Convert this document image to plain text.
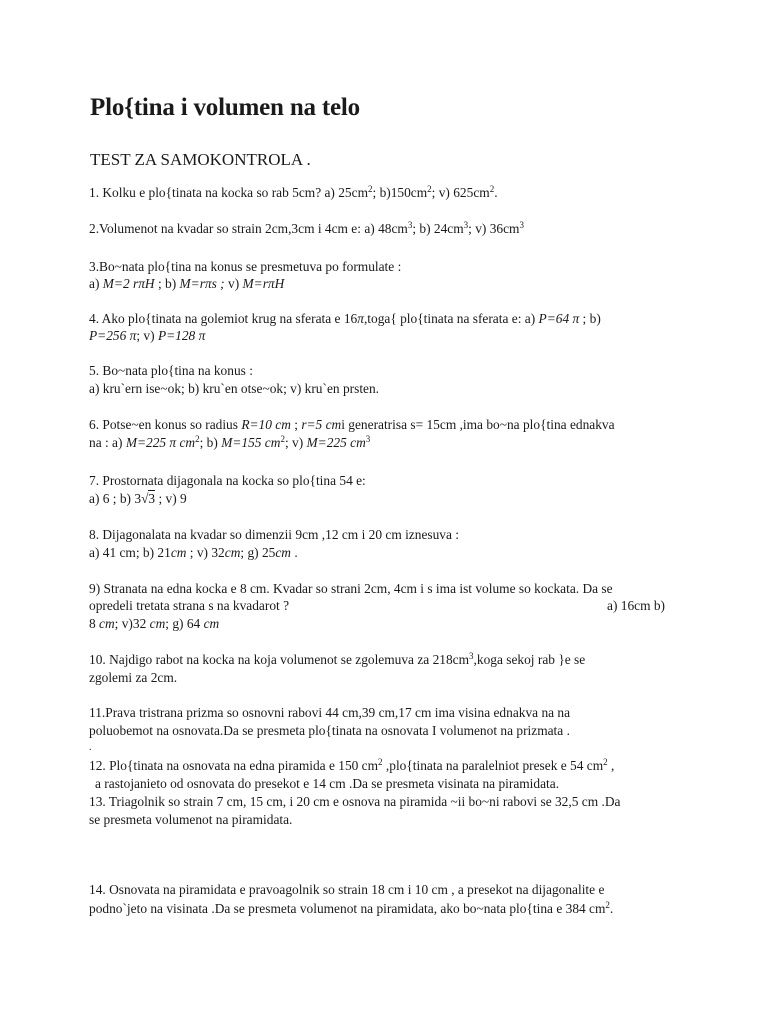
Plo{tina i volumen na telo
TEST ZA SAMOKONTROLA .
1. Kolku e plo{tinata na kocka so rab 5cm? a) $25cm^2$; $b)150cm^2$; v) $625cm^2$.
2.Volumenot na kvadar so strain 2cm,3cm i 4cm e: a) $48cm^3$; b) $24cm^3$; v) $36cm^3$
3.Bo~nata plo{tina na konus se presmetuva po formulate :
a) M=2 rπH ; b) M=rπs ; v) M=rπH
4. Ako plo{tinata na golemiot krug na sferata e 16π,toga{ plo{tinata na sferata e: a) P=64 π ; b)
P=256 π; v) P=128 π
5. Bo~nata plo{tina na konus :
a) kru`ern ise~ok; b) kru`en otse~ok; v) kru`en prsten.
6. Potse~en konus so radius R=10 cm ; r=5 cmi generatrisa s= 15cm ,ima bo~na plo{tina ednakva
na : a) M=225 π $cm^2$; b) M=155 $cm^2$; v) M=225 $cm^3$
7. Prostornata dijagonala na kocka so plo{tina 54 e:
a) 6 ; b) 3√3 ; v) 9
8. Dijagonalata na kvadar so dimenzii 9cm ,12 cm i 20 cm iznesuva :
a) 41 cm; b) 21cm ; v) 32cm; g) 25cm .
9) Stranata na edna kocka e 8 cm. Kvadar so strani 2cm, 4cm i s ima ist volume so kockata. Da se
opredeli tretata strana s na kvadarot ?	a) 16cm b)
8 cm; v)32 cm; g) 64 cm
10. Najdigo rabot na kocka na koja volumenot se zgolemuva za $218cm^3,koga$ sekoj rab }e se
zgolemi za 2cm.
11.Prava tristrana prizma so osnovni rabovi 44 cm,39 cm,17 cm ima visina ednakva na na
poluobemot na osnovata.Da se presmeta plo{tinata na osnovata I volumenot na prizmata .
.
12. Plo{tinata na osnovata na edna piramida e 150 $cm^2$ ,plo{tinata na paralelniot presek e 54 $cm^2$ ,
a rastojanieto od osnovata do presekot e 14 cm .Da se presmeta visinata na piramidata.
13. Triagolnik so strain 7 cm, 15 cm, i 20 cm e osnova na piramida ~ii bo~ni rabovi se 32,5 cm .Da
se presmeta volumenot na piramidata.
14. Osnovata na piramidata e pravoagolnik so strain 18 cm i 10 cm , a presekot na dijagonalite e
podno`jeto na visinata .Da se presmeta volumenot na piramidata, ako bo~nata plo{tina e 384 $cm^2$.
